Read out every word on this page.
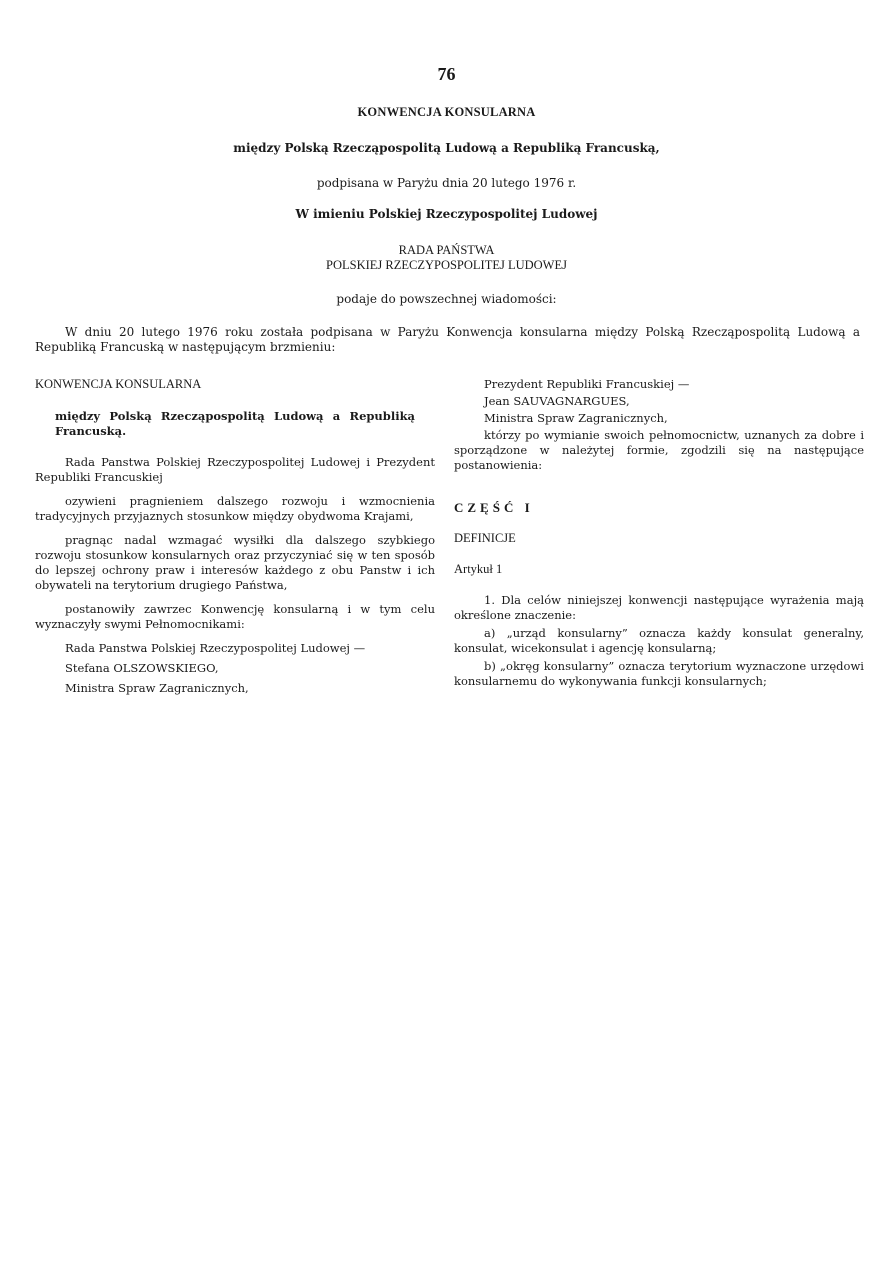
76
KONWENCJA KONSULARNA
między Polską Rzecząpospolitą Ludową a Republiką Francuską,
podpisana w Paryżu dnia 20 lutego 1976 r.
W imieniu Polskiej Rzeczypospolitej Ludowej
RADA PAŃSTWA
POLSKIEJ RZECZYPOSPOLITEJ LUDOWEJ
podaje do powszechnej wiadomości:
W dniu 20 lutego 1976 roku została podpisana w Paryżu Konwencja konsularna między Polską Rzecząpospolitą Ludową a Republiką Francuską w następującym brzmieniu:

KONWENCJA KONSULARNA

między Polską Rzecząpospolitą Ludową a Republiką Francuską.

Rada Panstwa Polskiej Rzeczypospolitej Ludowej i Prezydent Republiki Francuskiej

ozywieni pragnieniem dalszego rozwoju i wzmocnienia tradycyjnych przyjaznych stosunkow między obydwoma Krajami,

pragnąc nadal wzmagać wysiłki dla dalszego szybkiego rozwoju stosunkow konsularnych oraz przyczyniać się w ten sposób do lepszej ochrony praw i interesów każdego z obu Panstw i ich obywateli na terytorium drugiego Państwa,

postanowiły zawrzec Konwencję konsularną i w tym celu wyznaczyły swymi Pełnomocnikami:

Rada Panstwa Polskiej Rzeczypospolitej Ludowej —

Stefana OLSZOWSKIEGO,

Ministra Spraw Zagranicznych,

Prezydent Republiki Francuskiej —

Jean SAUVAGNARGUES,

Ministra Spraw Zagranicznych,

którzy po wymianie swoich pełnomocnictw, uznanych za dobre i sporządzone w należytej formie, zgodzili się na następujące postanowienia:

CZĘŚĆ I

DEFINICJE

Artykuł 1

1. Dla celów niniejszej konwencji następujące wyrażenia mają określone znaczenie:

a) „urząd konsularny” oznacza każdy konsulat generalny, konsulat, wicekonsulat i agencję konsularną;

b) „okręg konsularny” oznacza terytorium wyznaczone urzędowi konsularnemu do wykonywania funkcji konsularnych;
